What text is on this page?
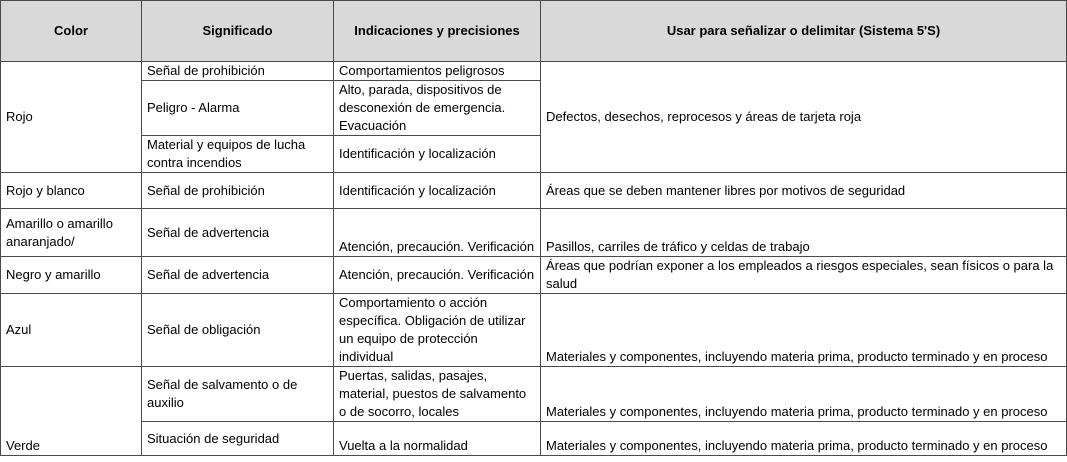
Color	Significado	Indicaciones y precisiones	Usar para señalizar o delimitar (Sistema 5'S)
Rojo	Señal de prohibición	Comportamientos peligrosos	Defectos, desechos, reprocesos y áreas de tarjeta roja
	Peligro - Alarma	Alto, parada, dispositivos de desconexión de emergencia. Evacuación	
	Material y equipos de lucha contra incendios	Identificación y localización	
Rojo y blanco	Señal de prohibición	Identificación y localización	Áreas que se deben mantener libres por motivos de seguridad
Amarillo o amarillo anaranjado/	Señal de advertencia	Atención, precaución. Verificación	Pasillos, carriles de tráfico y celdas de trabajo
Negro y amarillo	Señal de advertencia	Atención, precaución. Verificación	Áreas que podrían exponer a los empleados a riesgos especiales, sean físicos o para la salud
Azul	Señal de obligación	Comportamiento o acción específica. Obligación de utilizar un equipo de protección individual	Materiales y componentes, incluyendo materia prima, producto terminado y en proceso
Verde	Señal de salvamento o de auxilio	Puertas, salidas, pasajes, material, puestos de salvamento o de socorro, locales	Materiales y componentes, incluyendo materia prima, producto terminado y en proceso
	Situación de seguridad	Vuelta a la normalidad	Materiales y componentes, incluyendo materia prima, producto terminado y en proceso
